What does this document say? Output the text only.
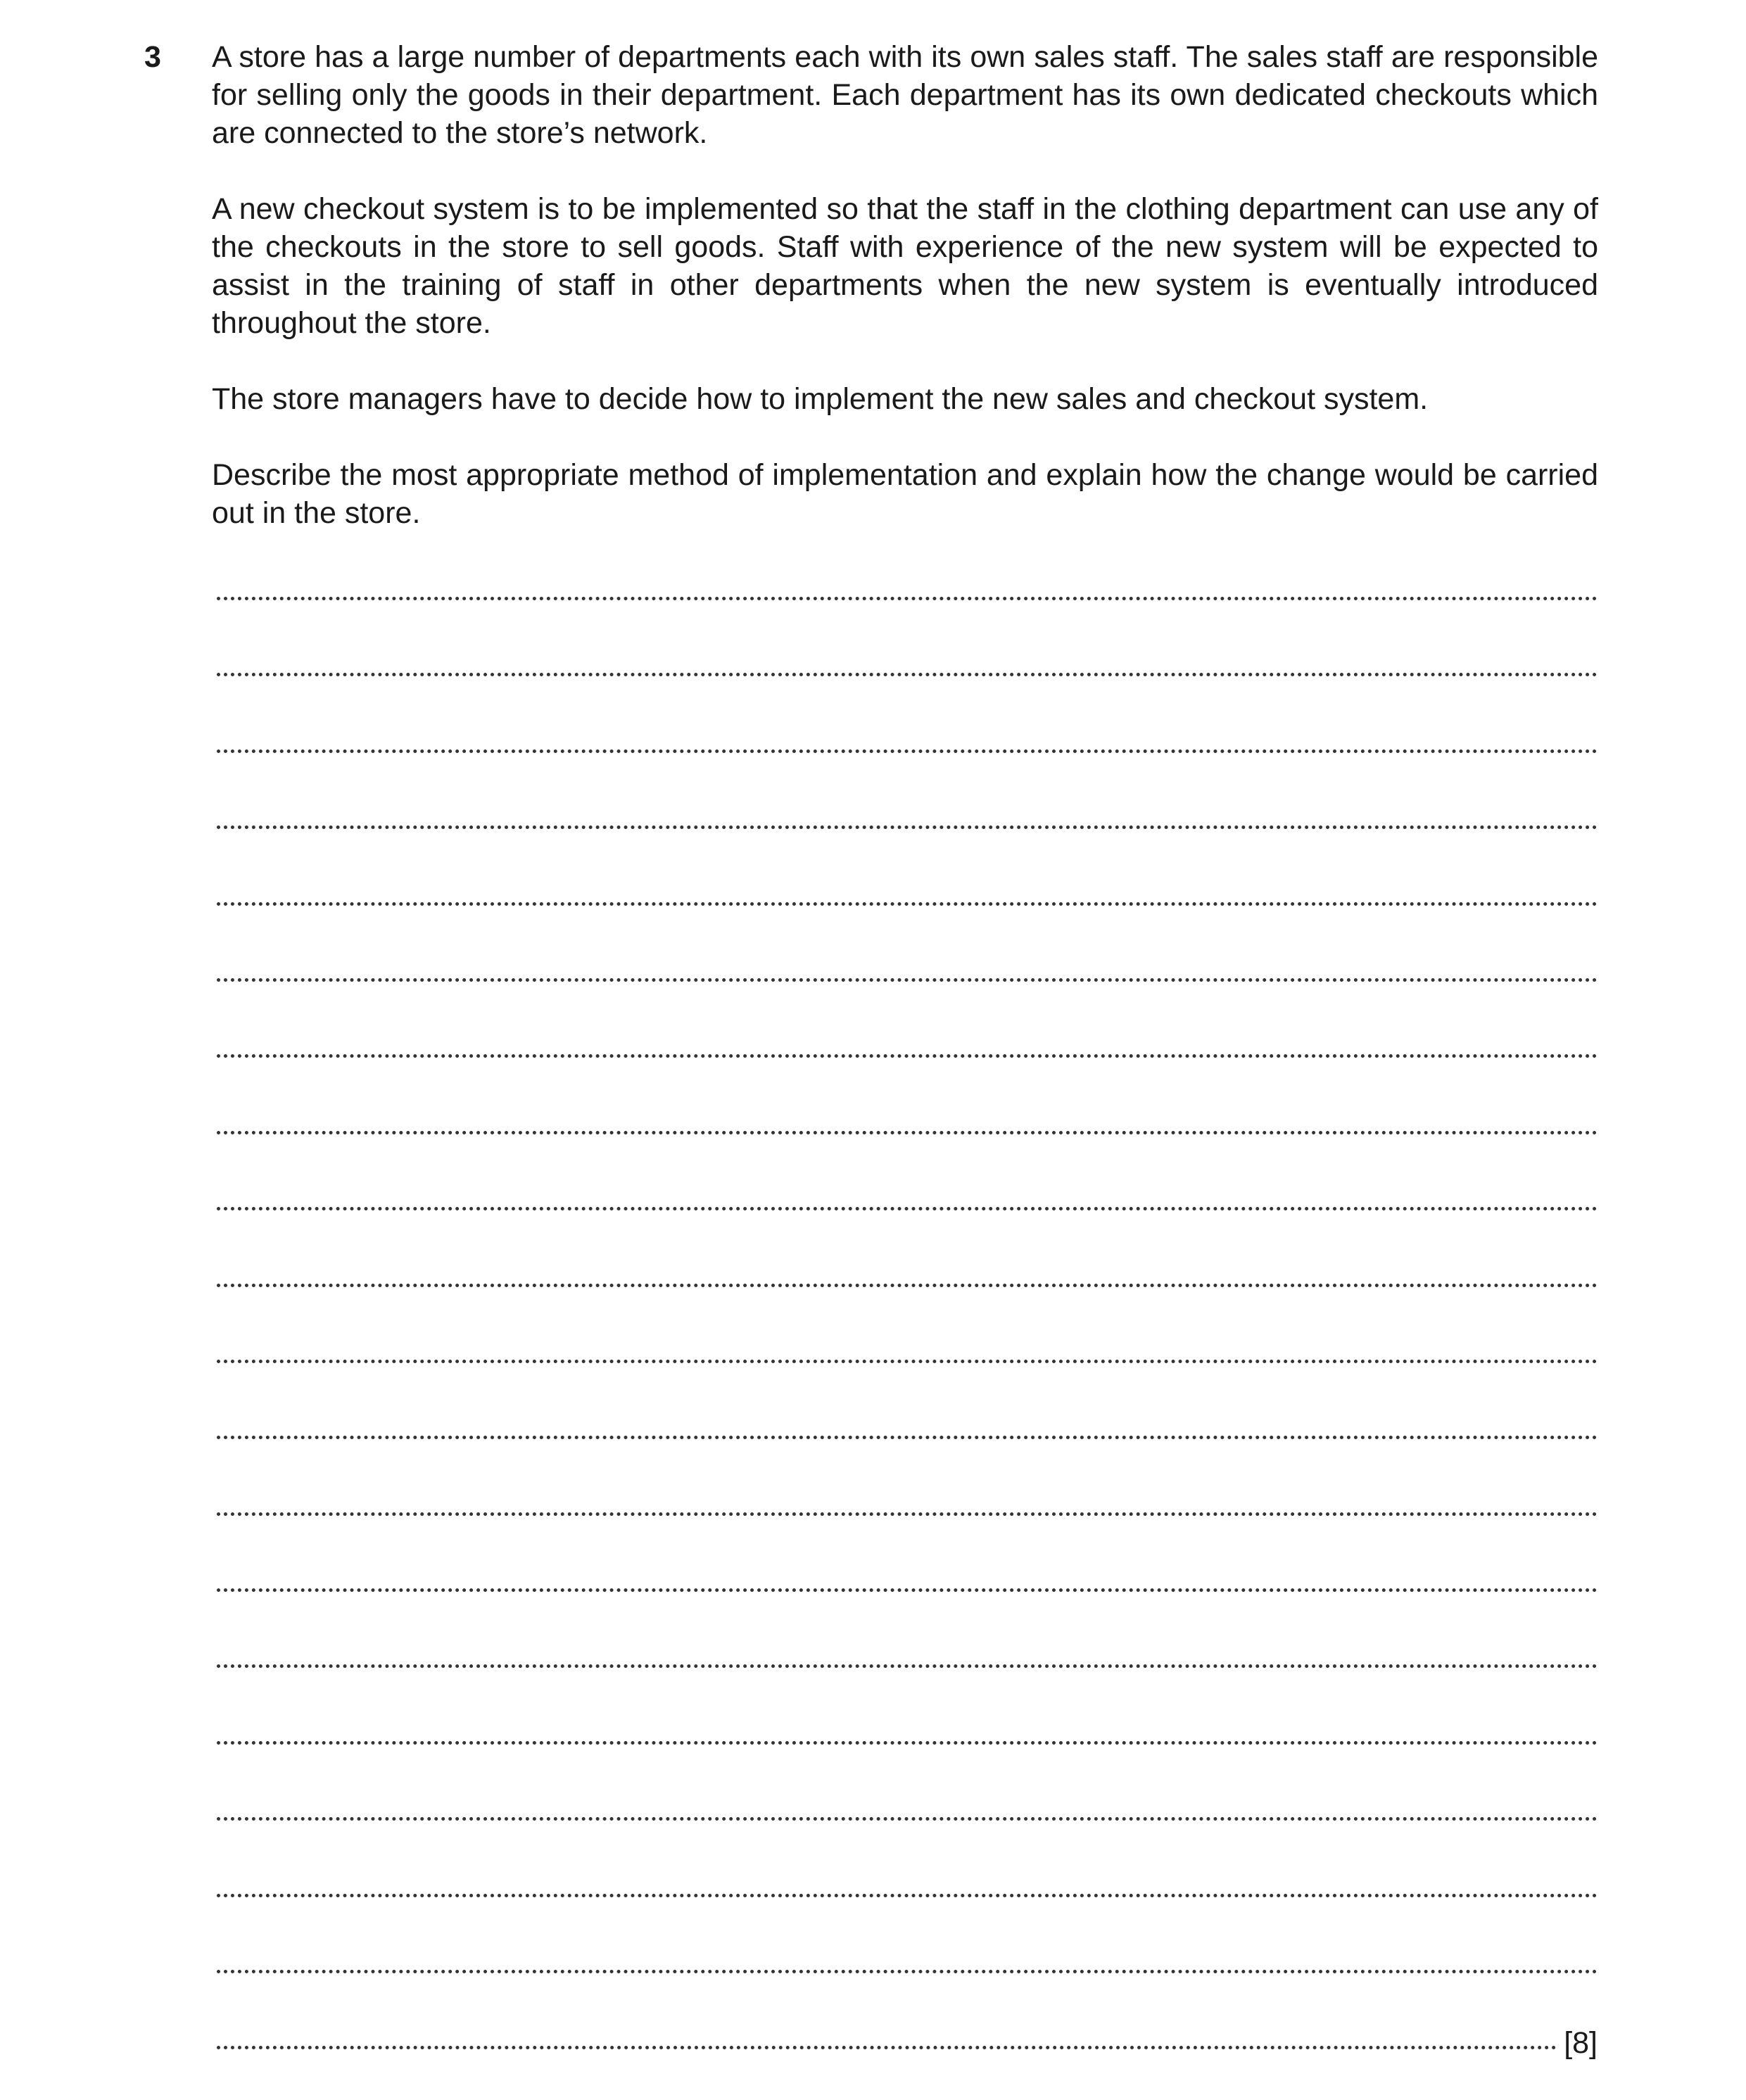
3 A store has a large number of departments each with its own sales staff. The sales staff are responsible for selling only the goods in their department. Each department has its own dedicated checkouts which are connected to the store’s network.

A new checkout system is to be implemented so that the staff in the clothing department can use any of the checkouts in the store to sell goods. Staff with experience of the new system will be expected to assist in the training of staff in other departments when the new system is eventually introduced throughout the store.

The store managers have to decide how to implement the new sales and checkout system.

Describe the most appropriate method of implementation and explain how the change would be carried out in the store.

[8]
